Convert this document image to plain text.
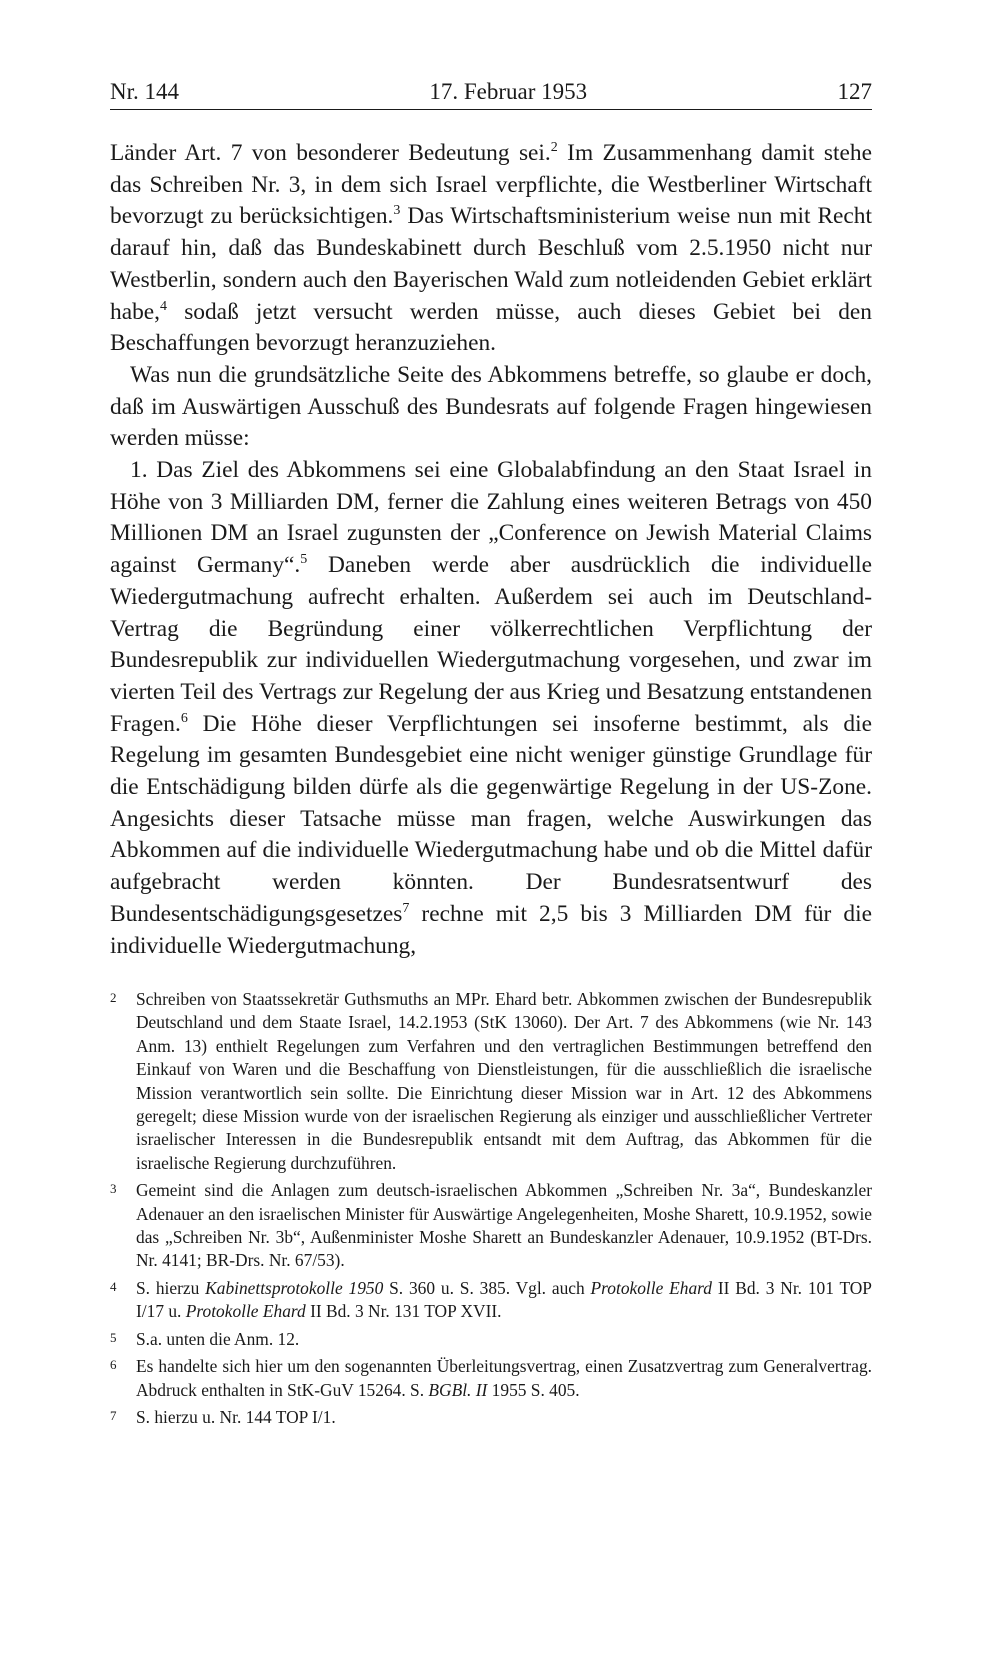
Nr. 144	17. Februar 1953	127

Länder Art. 7 von besonderer Bedeutung sei.$^2$ Im Zusammenhang damit stehe das Schreiben Nr. 3, in dem sich Israel verpflichte, die Westberliner Wirtschaft bevorzugt zu berücksichtigen.$^3$ Das Wirtschaftsministerium weise nun mit Recht darauf hin, daß das Bundeskabinett durch Beschluß vom 2.5.1950 nicht nur Westberlin, sondern auch den Bayerischen Wald zum notleidenden Gebiet erklärt habe,$^4$ sodaß jetzt versucht werden müsse, auch dieses Gebiet bei den Beschaffungen bevorzugt heranzuziehen.

Was nun die grundsätzliche Seite des Abkommens betreffe, so glaube er doch, daß im Auswärtigen Ausschuß des Bundesrats auf folgende Fragen hingewiesen werden müsse:

1. Das Ziel des Abkommens sei eine Globalabfindung an den Staat Israel in Höhe von 3 Milliarden DM, ferner die Zahlung eines weiteren Betrags von 450 Millionen DM an Israel zugunsten der „Conference on Jewish Material Claims against Germany“.$^5$ Daneben werde aber ausdrücklich die individuelle Wiedergutmachung aufrecht erhalten. Außerdem sei auch im Deutschland-Vertrag die Begründung einer völkerrechtlichen Verpflichtung der Bundesrepublik zur individuellen Wiedergutmachung vorgesehen, und zwar im vierten Teil des Vertrags zur Regelung der aus Krieg und Besatzung entstandenen Fragen.$^6$ Die Höhe dieser Verpflichtungen sei insoferne bestimmt, als die Regelung im gesamten Bundesgebiet eine nicht weniger günstige Grundlage für die Entschädigung bilden dürfe als die gegenwärtige Regelung in der US-Zone. Angesichts dieser Tatsache müsse man fragen, welche Auswirkungen das Abkommen auf die individuelle Wiedergutmachung habe und ob die Mittel dafür aufgebracht werden könnten. Der Bundesratsentwurf des Bundesentschädigungsgesetzes$^7$ rechne mit 2,5 bis 3 Milliarden DM für die individuelle Wiedergutmachung,

2	Schreiben von Staatssekretär Guthsmuths an MPr. Ehard betr. Abkommen zwischen der Bundesrepublik Deutschland und dem Staate Israel, 14.2.1953 (StK 13060). Der Art. 7 des Abkommens (wie Nr. 143 Anm. 13) enthielt Regelungen zum Verfahren und den vertraglichen Bestimmungen betreffend den Einkauf von Waren und die Beschaffung von Dienstleistungen, für die ausschließlich die israelische Mission verantwortlich sein sollte. Die Einrichtung dieser Mission war in Art. 12 des Abkommens geregelt; diese Mission wurde von der israelischen Regierung als einziger und ausschließlicher Vertreter israelischer Interessen in die Bundesrepublik entsandt mit dem Auftrag, das Abkommen für die israelische Regierung durchzuführen.
3	Gemeint sind die Anlagen zum deutsch-israelischen Abkommen „Schreiben Nr. 3a“, Bundeskanzler Adenauer an den israelischen Minister für Auswärtige Angelegenheiten, Moshe Sharett, 10.9.1952, sowie das „Schreiben Nr. 3b“, Außenminister Moshe Sharett an Bundeskanzler Adenauer, 10.9.1952 (BT-Drs. Nr. 4141; BR-Drs. Nr. 67/53).
4	S. hierzu Kabinettsprotokolle 1950 S. 360 u. S. 385. Vgl. auch Protokolle Ehard II Bd. 3 Nr. 101 TOP I/17 u. Protokolle Ehard II Bd. 3 Nr. 131 TOP XVII.
5	S.a. unten die Anm. 12.
6	Es handelte sich hier um den sogenannten Überleitungsvertrag, einen Zusatzvertrag zum Generalvertrag. Abdruck enthalten in StK-GuV 15264. S. BGBl. II 1955 S. 405.
7	S. hierzu u. Nr. 144 TOP I/1.
